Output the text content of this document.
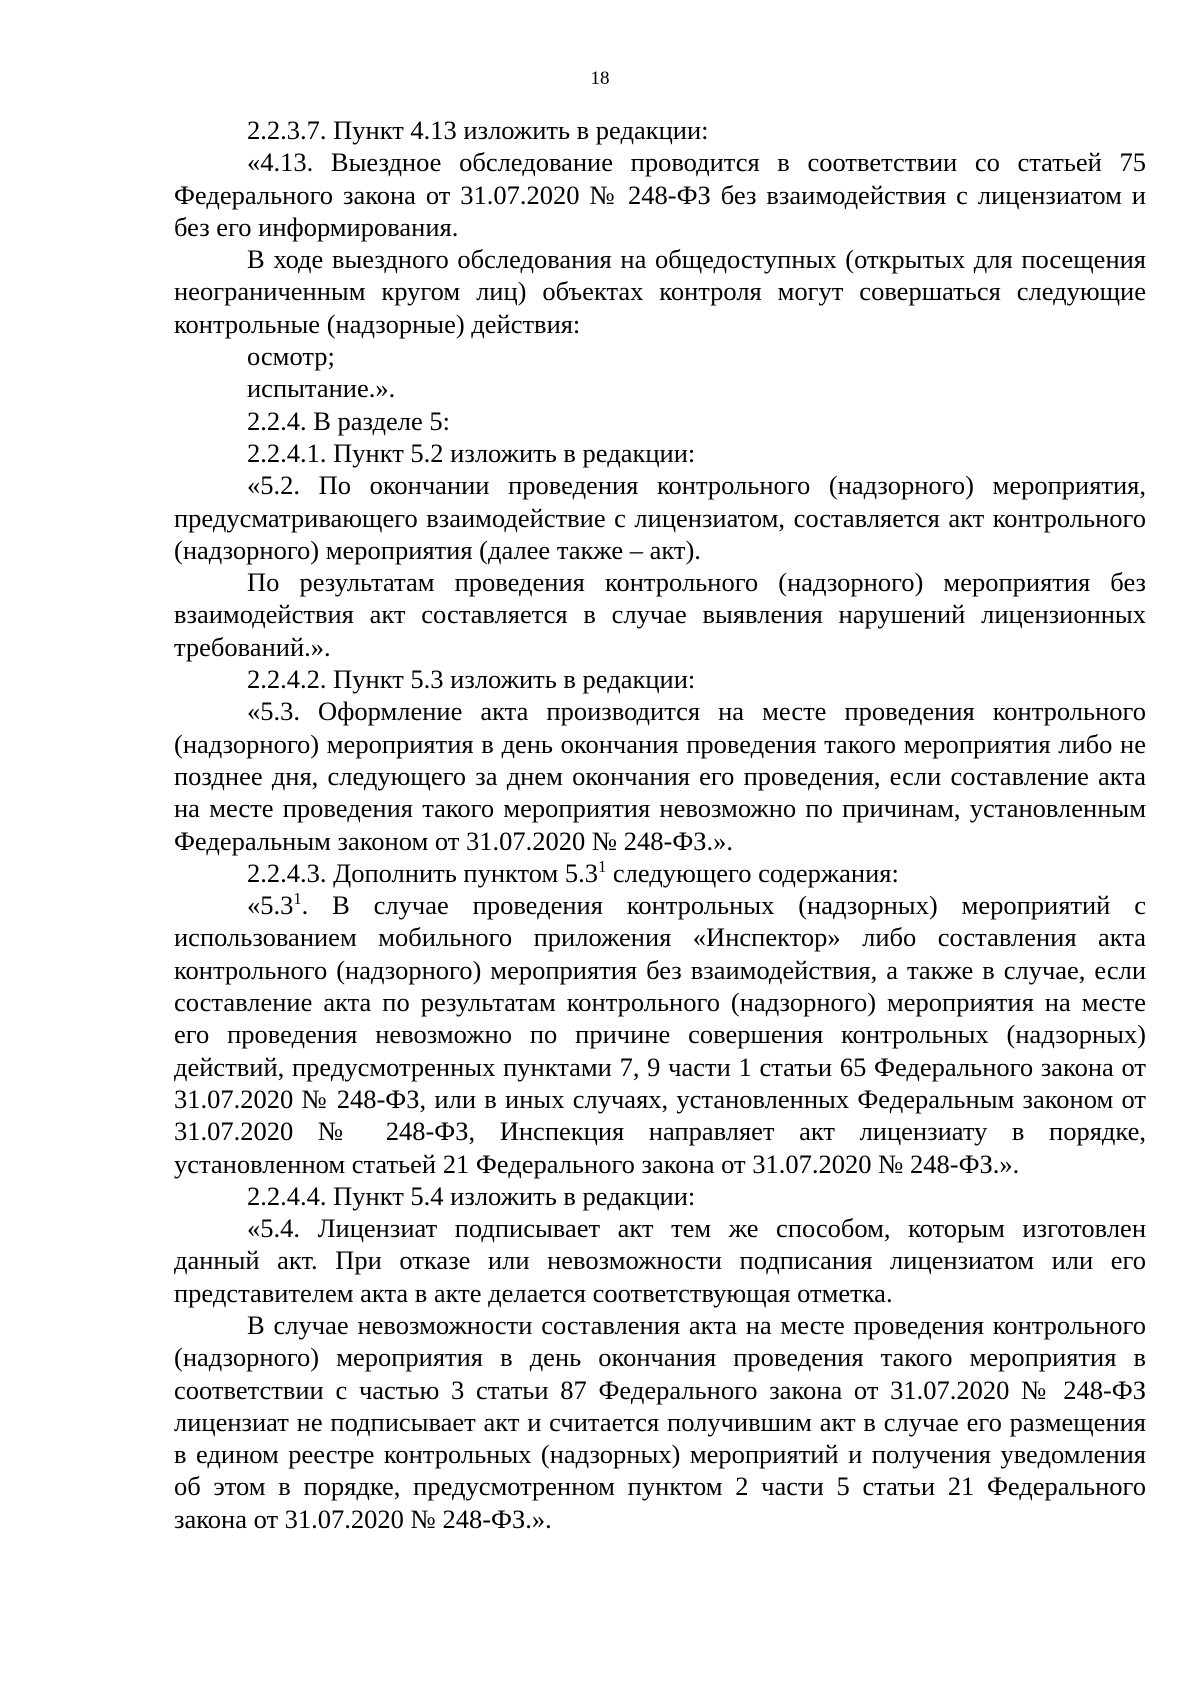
18

2.2.3.7. Пункт 4.13 изложить в редакции:

«4.13. Выездное обследование проводится в соответствии со статьей 75 Федерального закона от 31.07.2020 № 248-ФЗ без взаимодействия с лицензиатом и без его информирования.

В ходе выездного обследования на общедоступных (открытых для посещения неограниченным кругом лиц) объектах контроля могут совершаться следующие контрольные (надзорные) действия:

осмотр;

испытание.».

2.2.4. В разделе 5:

2.2.4.1. Пункт 5.2 изложить в редакции:

«5.2. По окончании проведения контрольного (надзорного) мероприятия, предусматривающего взаимодействие с лицензиатом, составляется акт контрольного (надзорного) мероприятия (далее также – акт).

По результатам проведения контрольного (надзорного) мероприятия без взаимодействия акт составляется в случае выявления нарушений лицензионных требований.».

2.2.4.2. Пункт 5.3 изложить в редакции:

«5.3. Оформление акта производится на месте проведения контрольного (надзорного) мероприятия в день окончания проведения такого мероприятия либо не позднее дня, следующего за днем окончания его проведения, если составление акта на месте проведения такого мероприятия невозможно по причинам, установленным Федеральным законом от 31.07.2020 № 248-ФЗ.».

2.2.4.3. Дополнить пунктом $5.3^1$ следующего содержания:

«$5.3^1$. В случае проведения контрольных (надзорных) мероприятий с использованием мобильного приложения «Инспектор» либо составления акта контрольного (надзорного) мероприятия без взаимодействия, а также в случае, если составление акта по результатам контрольного (надзорного) мероприятия на месте его проведения невозможно по причине совершения контрольных (надзорных) действий, предусмотренных пунктами 7, 9 части 1 статьи 65 Федерального закона от 31.07.2020 № 248-ФЗ, или в иных случаях, установленных Федеральным законом от 31.07.2020 № 248-ФЗ, Инспекция направляет акт лицензиату в порядке, установленном статьей 21 Федерального закона от 31.07.2020 № 248-ФЗ.».

2.2.4.4. Пункт 5.4 изложить в редакции:

«5.4. Лицензиат подписывает акт тем же способом, которым изготовлен данный акт. При отказе или невозможности подписания лицензиатом или его представителем акта в акте делается соответствующая отметка.

В случае невозможности составления акта на месте проведения контрольного (надзорного) мероприятия в день окончания проведения такого мероприятия в соответствии с частью 3 статьи 87 Федерального закона от 31.07.2020 № 248-ФЗ лицензиат не подписывает акт и считается получившим акт в случае его размещения в едином реестре контрольных (надзорных) мероприятий и получения уведомления об этом в порядке, предусмотренном пунктом 2 части 5 статьи 21 Федерального закона от 31.07.2020 № 248-ФЗ.».
